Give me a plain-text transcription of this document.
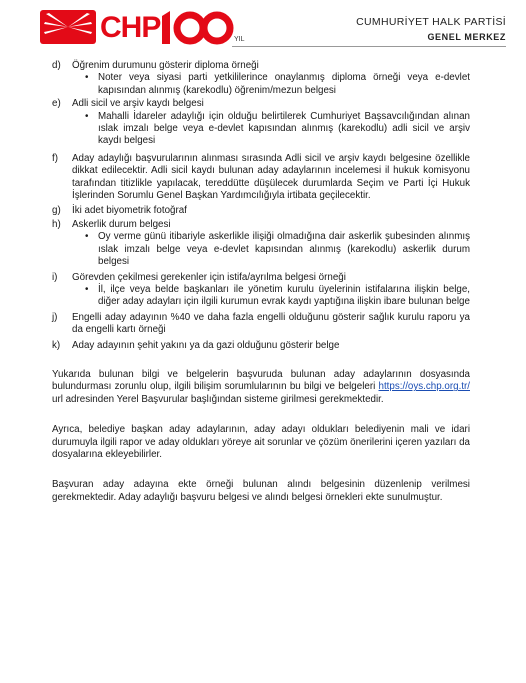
CHP	YIL
CUMHURİYET HALK PARTİSİ
GENEL MERKEZ
d) Öğrenim durumunu gösterir diploma örneği
• Noter veya siyasi parti yetkililerince onaylanmış diploma örneği veya e-devlet kapısından alınmış (karekodlu) öğrenim/mezun belgesi
e) Adli sicil ve arşiv kaydı belgesi
• Mahalli İdareler adaylığı için olduğu belirtilerek Cumhuriyet Başsavcılığından alınan ıslak imzalı belge veya e-devlet kapısından alınmış (karekodlu) adli sicil ve arşiv kaydı belgesi
f) Aday adaylığı başvurularının alınması sırasında Adli sicil ve arşiv kaydı belgesine özellikle dikkat edilecektir. Adli sicil kaydı bulunan aday adaylarının incelemesi il hukuk komisyonu tarafından titizlikle yapılacak, tereddütte düşülecek durumlarda Seçim ve Parti İçi Hukuk İşlerinden Sorumlu Genel Başkan Yardımcılığıyla irtibata geçilecektir.
g) İki adet biyometrik fotoğraf
h) Askerlik durum belgesi
• Oy verme günü itibariyle askerlikle ilişiği olmadığına dair askerlik şubesinden alınmış ıslak imzalı belge veya e-devlet kapısından alınmış (karekodlu) askerlik durum belgesi
i) Görevden çekilmesi gerekenler için istifa/ayrılma belgesi örneği
• İl, ilçe veya belde başkanları ile yönetim kurulu üyelerinin istifalarına ilişkin belge, diğer aday adayları için ilgili kurumun evrak kaydı yaptığına ilişkin ibare bulunan belge
j) Engelli aday adayının %40 ve daha fazla engelli olduğunu gösterir sağlık kurulu raporu ya da engelli kartı örneği
k) Aday adayının şehit yakını ya da gazi olduğunu gösterir belge
Yukarıda bulunan bilgi ve belgelerin başvuruda bulunan aday adaylarının dosyasında bulundurması zorunlu olup, ilgili bilişim sorumlularının bu bilgi ve belgeleri https://oys.chp.org.tr/ url adresinden Yerel Başvurular başlığından sisteme girilmesi gerekmektedir.
Ayrıca, belediye başkan aday adaylarının, aday adayı oldukları belediyenin mali ve idari durumuyla ilgili rapor ve aday oldukları yöreye ait sorunlar ve çözüm önerilerini içeren yazıları da dosyalarına ekleyebilirler.
Başvuran aday adayına ekte örneği bulunan alındı belgesinin düzenlenip verilmesi gerekmektedir. Aday adaylığı başvuru belgesi ve alındı belgesi örnekleri ekte sunulmuştur.
